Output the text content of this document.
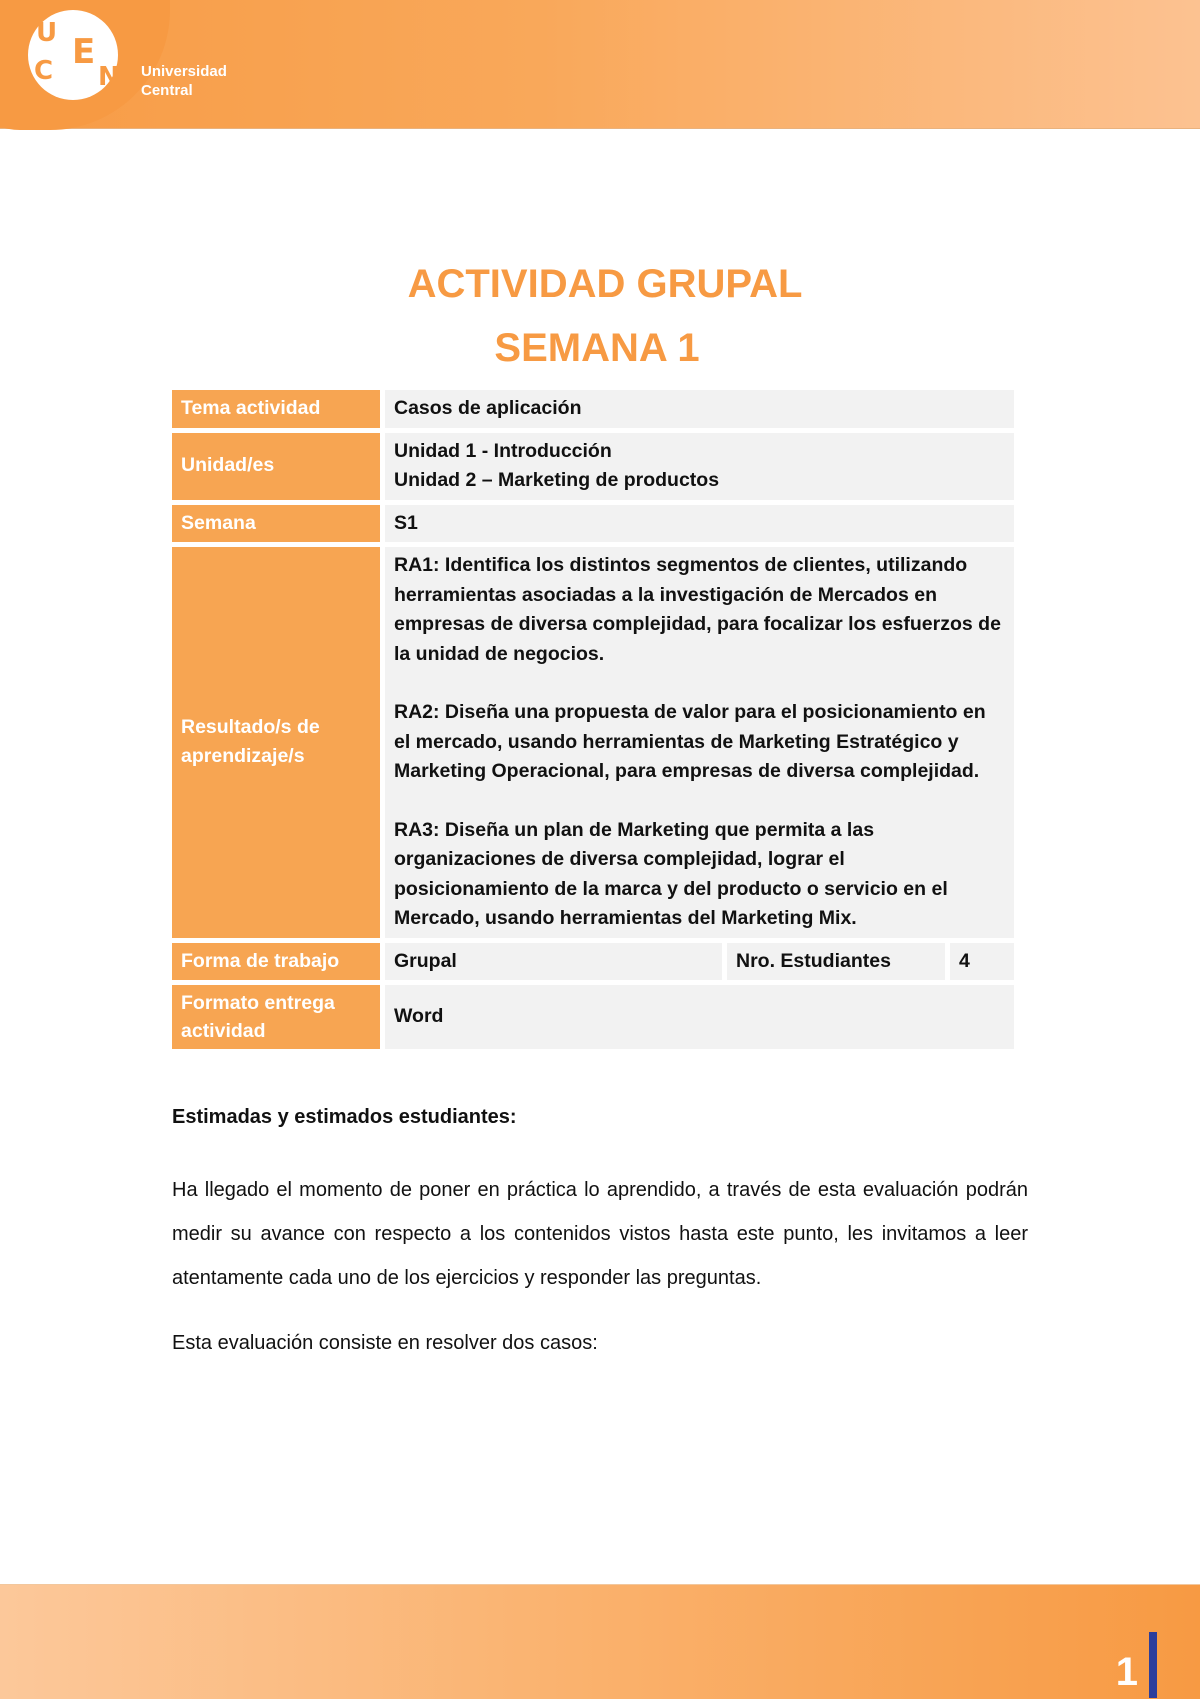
U
C E
N Universidad
Central
ACTIVIDAD GRUPAL
SEMANA 1
Tema actividad	Casos de aplicación		
Unidad/es	Unidad 1 - Introducción
Unidad 2 – Marketing de productos		

Semana	S1		
Resultado/s de aprendizaje/s	RA1: Identifica los distintos segmentos de clientes, utilizando herramientas asociadas a la investigación de Mercados en empresas de diversa complejidad, para focalizar los esfuerzos de la unidad de negocios.
RA2: Diseña una propuesta de valor para el posicionamiento en el mercado, usando herramientas de Marketing Estratégico y Marketing Operacional, para empresas de diversa complejidad.
RA3: Diseña un plan de Marketing que permita a las organizaciones de diversa complejidad, lograr el posicionamiento de la marca y del producto o servicio en el Mercado, usando herramientas del Marketing Mix.		

Forma de trabajo	Grupal	Nro. Estudiantes	4
Formato entrega actividad	Word		
Estimadas y estimados estudiantes:
Ha llegado el momento de poner en práctica lo aprendido, a través de esta evaluación podrán medir su avance con respecto a los contenidos vistos hasta este punto, les invitamos a leer atentamente cada uno de los ejercicios y responder las preguntas.
Esta evaluación consiste en resolver dos casos:
1
